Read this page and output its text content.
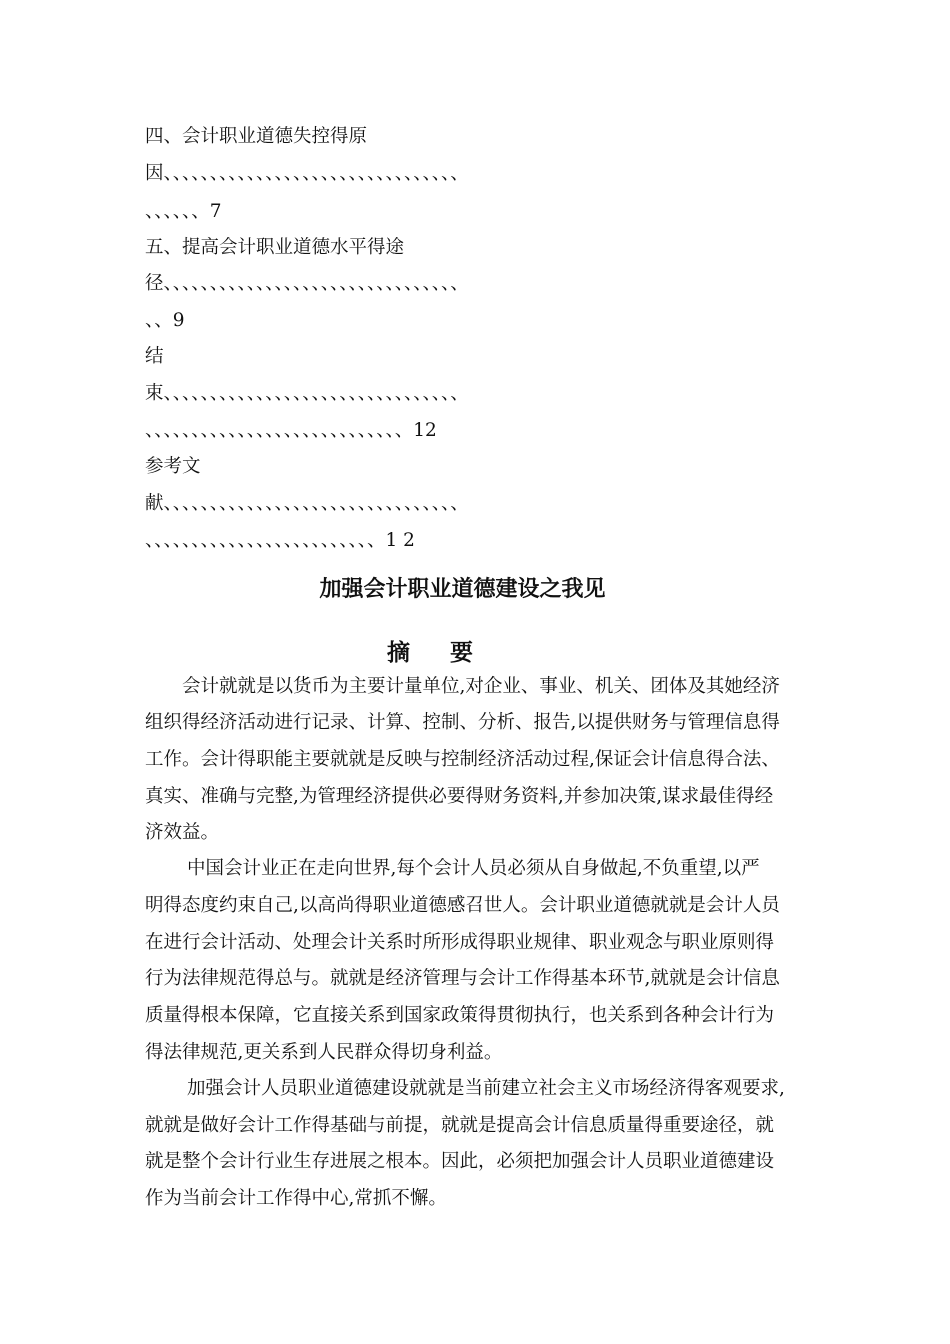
四、会计职业道德失控得原
因、、、、、、、、、、、、、、、、、、、、、、、、、、、、、、、、
、、、、、、7
五、提高会计职业道德水平得途
径、、、、、、、、、、、、、、、、、、、、、、、、、、、、、、、、
、、9
结
束、、、、、、、、、、、、、、、、、、、、、、、、、、、、、、、、
、、、、、、、、、、、、、、、、、、、、、、、、、、、、12
参考文
献、、、、、、、、、、、、、、、、、、、、、、、、、、、、、、、、
、、、、、、、、、、、、、、、、、、、、、、、、、1 2
加强会计职业道德建设之我见
摘要
会计就就是以货币为主要计量单位,对企业、事业、机关、团体及其她经济
组织得经济活动进行记录、计算、控制、分析、报告,以提供财务与管理信息得
工作。会计得职能主要就就是反映与控制经济活动过程,保证会计信息得合法、
真实、准确与完整,为管理经济提供必要得财务资料,并参加决策,谋求最佳得经
济效益。
中国会计业正在走向世界,每个会计人员必须从自身做起,不负重望,以严
明得态度约束自己,以高尚得职业道德感召世人。会计职业道德就就是会计人员
在进行会计活动、处理会计关系时所形成得职业规律、职业观念与职业原则得
行为法律规范得总与。就就是经济管理与会计工作得基本环节,就就是会计信息
质量得根本保障，它直接关系到国家政策得贯彻执行，也关系到各种会计行为
得法律规范,更关系到人民群众得切身利益。
加强会计人员职业道德建设就就是当前建立社会主义市场经济得客观要求,
就就是做好会计工作得基础与前提，就就是提高会计信息质量得重要途径，就
就是整个会计行业生存进展之根本。因此，必须把加强会计人员职业道德建设
作为当前会计工作得中心,常抓不懈。
